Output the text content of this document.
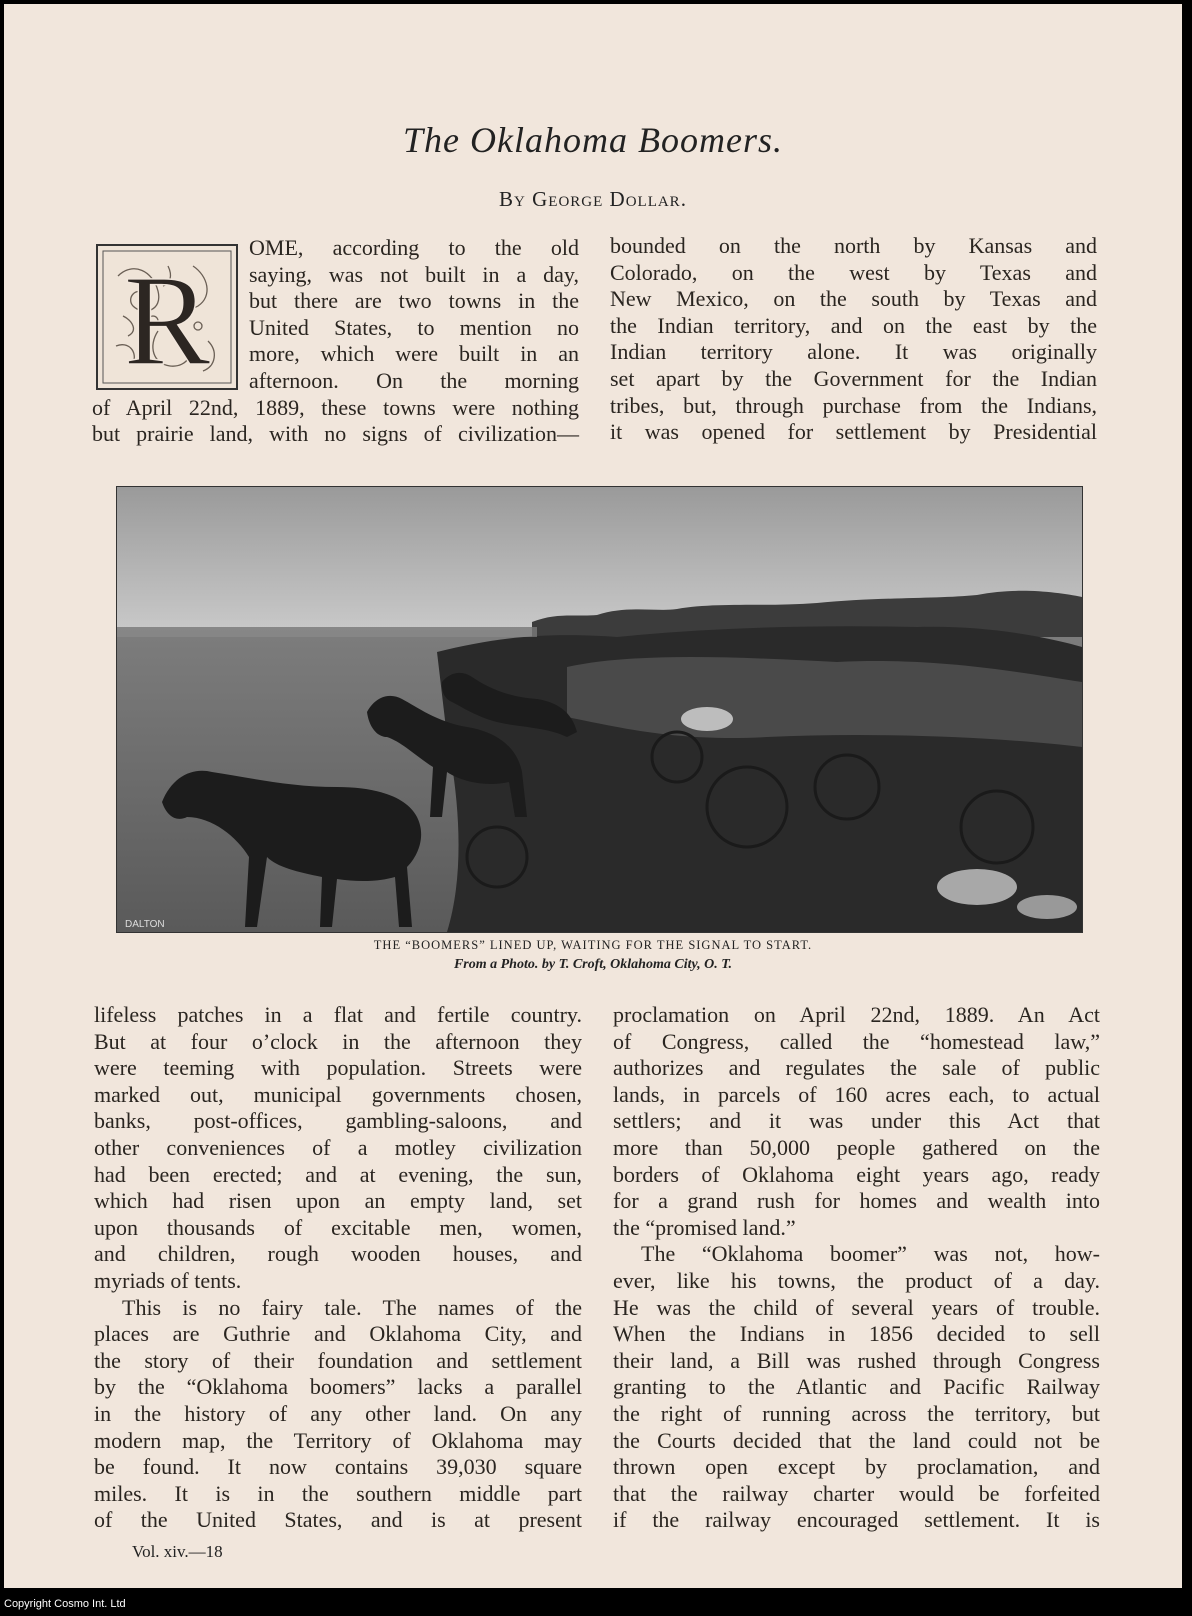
The Oklahoma Boomers.
By George Dollar.
R

OME, according to the old

saying, was not built in a day,

but there are two towns in the

United States, to mention no

more, which were built in an

afternoon. On the morning

of April 22nd, 1889, these towns were nothing

but prairie land, with no signs of civilization—

bounded on the north by Kansas and

Colorado, on the west by Texas and

New Mexico, on the south by Texas and

the Indian territory, and on the east by the

Indian territory alone. It was originally

set apart by the Government for the Indian

tribes, but, through purchase from the Indians,

it was opened for settlement by Presidential

DALTON
THE “BOOMERS” LINED UP, WAITING FOR THE SIGNAL TO START.
From a Photo. by T. Croft, Oklahoma City, O. T.

lifeless patches in a flat and fertile country.

But at four o’clock in the afternoon they

were teeming with population. Streets were

marked out, municipal governments chosen,

banks, post-offices, gambling-saloons, and

other conveniences of a motley civilization

had been erected; and at evening, the sun,

which had risen upon an empty land, set

upon thousands of excitable men, women,

and children, rough wooden houses, and

myriads of tents.

This is no fairy tale. The names of the

places are Guthrie and Oklahoma City, and

the story of their foundation and settlement

by the “Oklahoma boomers” lacks a parallel

in the history of any other land. On any

modern map, the Territory of Oklahoma may

be found. It now contains 39,030 square

miles. It is in the southern middle part

of the United States, and is at present

proclamation on April 22nd, 1889. An Act

of Congress, called the “homestead law,”

authorizes and regulates the sale of public

lands, in parcels of 160 acres each, to actual

settlers; and it was under this Act that

more than 50,000 people gathered on the

borders of Oklahoma eight years ago, ready

for a grand rush for homes and wealth into

the “promised land.”

The “Oklahoma boomer” was not, how-

ever, like his towns, the product of a day.

He was the child of several years of trouble.

When the Indians in 1856 decided to sell

their land, a Bill was rushed through Congress

granting to the Atlantic and Pacific Railway

the right of running across the territory, but

the Courts decided that the land could not be

thrown open except by proclamation, and

that the railway charter would be forfeited

if the railway encouraged settlement. It is

Vol. xiv.—18
Copyright Cosmo Int. Ltd
